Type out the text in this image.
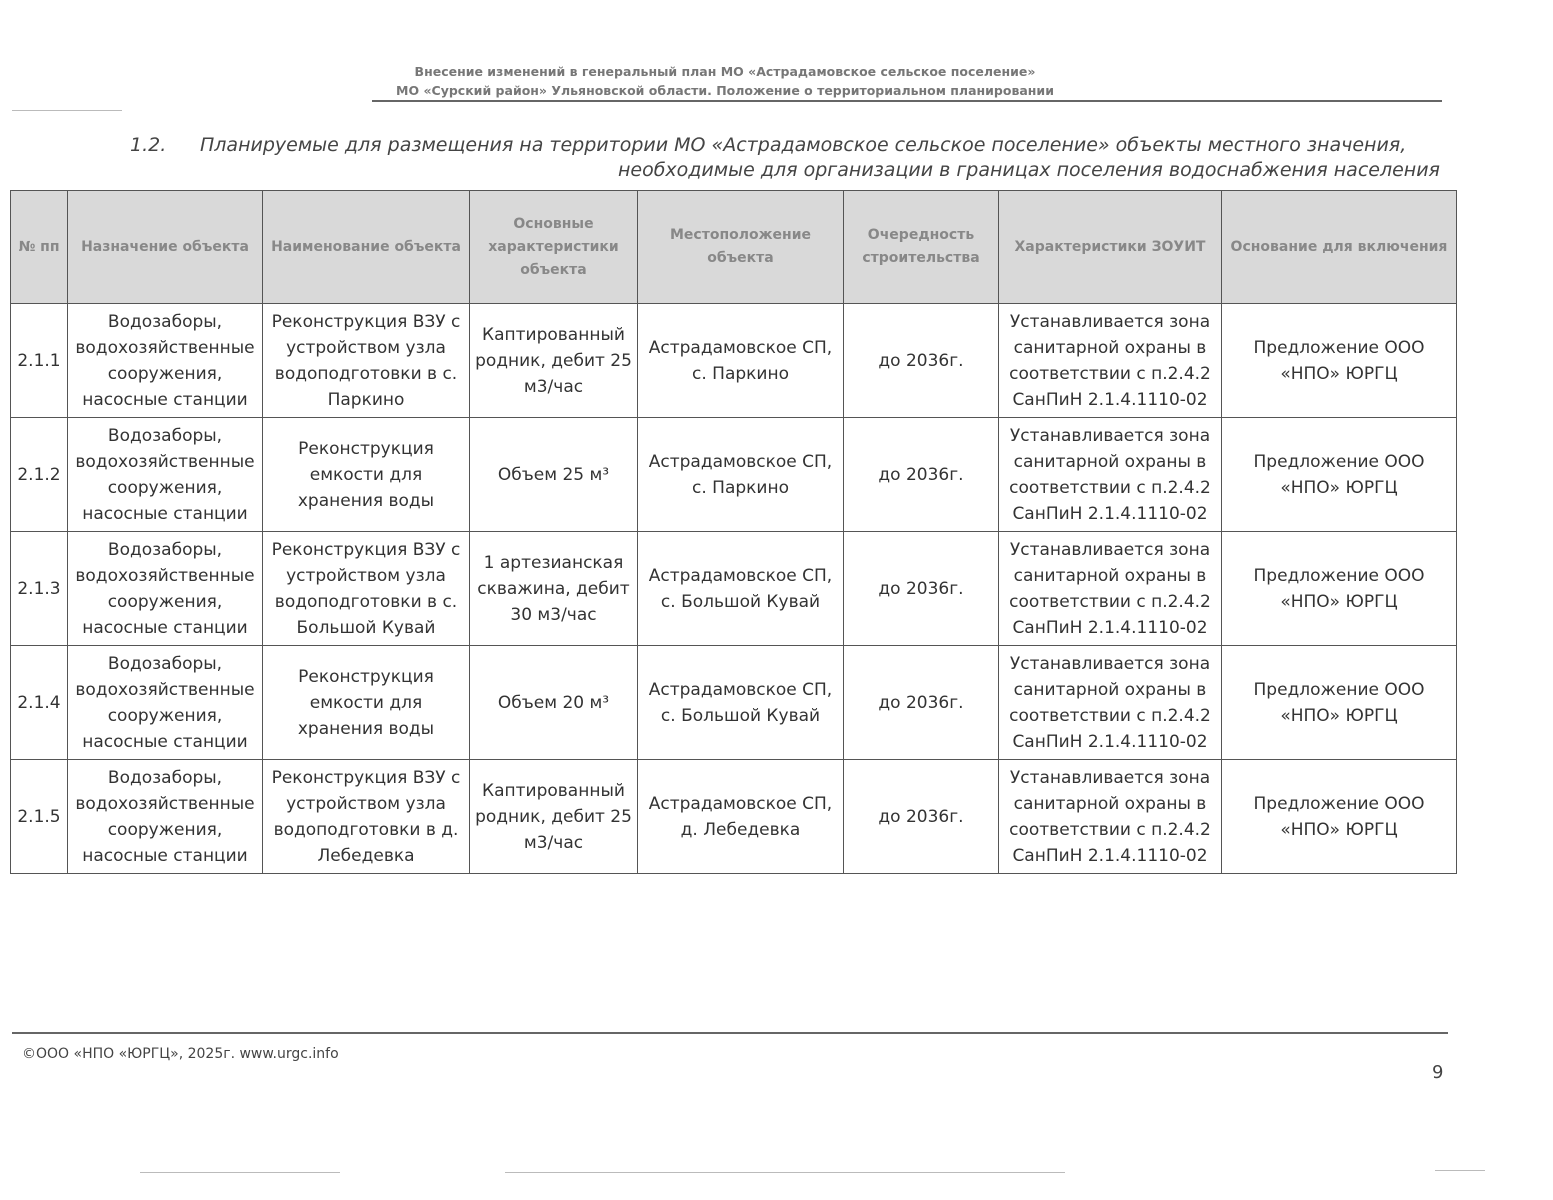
Внесение изменений в генеральный план МО «Астрадамовское сельское поселение»
МО «Сурский район» Ульяновской области. Положение о территориальном планировании
1.2. Планируемые для размещения на территории МО «Астрадамовское сельское поселение» объекты местного значения,
необходимые для организации в границах поселения водоснабжения населения
№ пп	Назначение объекта	Наименование объекта	Основные характеристики объекта	Местоположение объекта	Очередность строительства	Характеристики ЗОУИТ	Основание для включения
2.1.1	Водозаборы, водохозяйственные сооружения, насосные станции	Реконструкция ВЗУ с устройством узла водоподготовки в с. Паркино	Каптированный родник, дебит 25 м3/час	Астрадамовское СП, с. Паркино	до 2036г.	Устанавливается зона санитарной охраны в соответствии с п.2.4.2 СанПиН 2.1.4.1110-02	Предложение ООО «НПО» ЮРГЦ
2.1.2	Водозаборы, водохозяйственные сооружения, насосные станции	Реконструкция емкости для хранения воды	Объем 25 м³	Астрадамовское СП, с. Паркино	до 2036г.	Устанавливается зона санитарной охраны в соответствии с п.2.4.2 СанПиН 2.1.4.1110-02	Предложение ООО «НПО» ЮРГЦ
2.1.3	Водозаборы, водохозяйственные сооружения, насосные станции	Реконструкция ВЗУ с устройством узла водоподготовки в с. Большой Кувай	1 артезианская скважина, дебит 30 м3/час	Астрадамовское СП, с. Большой Кувай	до 2036г.	Устанавливается зона санитарной охраны в соответствии с п.2.4.2 СанПиН 2.1.4.1110-02	Предложение ООО «НПО» ЮРГЦ
2.1.4	Водозаборы, водохозяйственные сооружения, насосные станции	Реконструкция емкости для хранения воды	Объем 20 м³	Астрадамовское СП, с. Большой Кувай	до 2036г.	Устанавливается зона санитарной охраны в соответствии с п.2.4.2 СанПиН 2.1.4.1110-02	Предложение ООО «НПО» ЮРГЦ
2.1.5	Водозаборы, водохозяйственные сооружения, насосные станции	Реконструкция ВЗУ с устройством узла водоподготовки в д. Лебедевка	Каптированный родник, дебит 25 м3/час	Астрадамовское СП, д. Лебедевка	до 2036г.	Устанавливается зона санитарной охраны в соответствии с п.2.4.2 СанПиН 2.1.4.1110-02	Предложение ООО «НПО» ЮРГЦ
©ООО «НПО «ЮРГЦ», 2025г. www.urgc.info
9
